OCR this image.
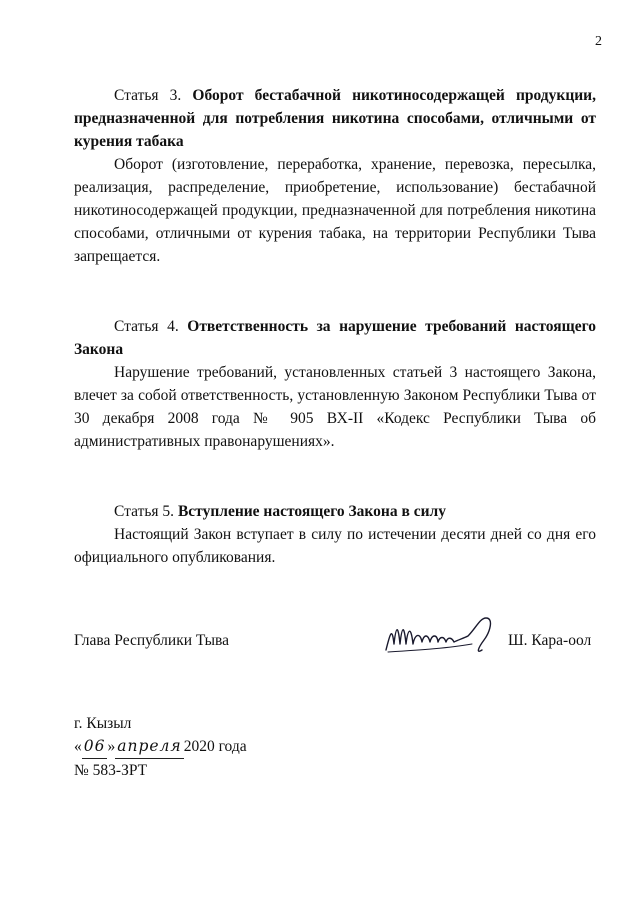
2

Статья 3. Оборот бестабачной никотиносодержащей продукции, предназначенной для потребления никотина способами, отличными от курения табака

Оборот (изготовление, переработка, хранение, перевозка, пересылка, реализация, распределение, приобретение, использование) бестабачной никотиносодержащей продукции, предназначенной для потребления никотина способами, отличными от курения табака, на территории Республики Тыва запрещается.

Статья 4. Ответственность за нарушение требований настоящего Закона

Нарушение требований, установленных статьей 3 настоящего Закона, влечет за собой ответственность, установленную Законом Республики Тыва от 30 декабря 2008 года № 905 ВХ-II «Кодекс Республики Тыва об административных правонарушениях».

Статья 5. Вступление настоящего Закона в силу

Настоящий Закон вступает в силу по истечении десяти дней со дня его официального опубликования.

Глава Республики Тыва	Ш. Кара-оол
г. Кызыл
« 06 » апреля 2020 года
№ 583-ЗРТ
